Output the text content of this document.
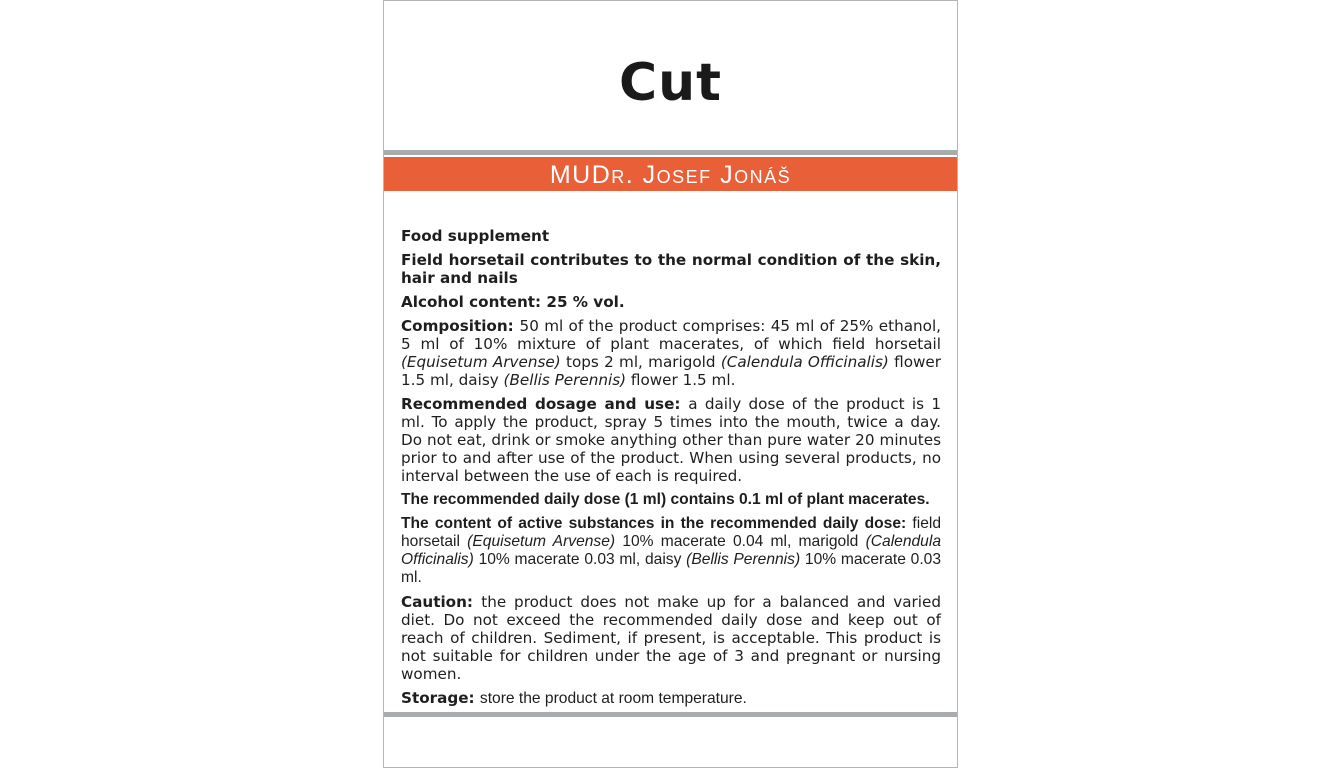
Cut
MUDr. Josef Jonáš

Food supplement

Field horsetail contributes to the normal condition of the skin, hair and nails

Alcohol content: 25 % vol.

Composition: 50 ml of the product comprises: 45 ml of 25% ethanol, 5 ml of 10% mixture of plant macerates, of which field horsetail (Equisetum Arvense) tops 2 ml, marigold (Calendula Officinalis) flower 1.5 ml, daisy (Bellis Perennis) flower 1.5 ml.

Recommended dosage and use: a daily dose of the product is 1 ml. To apply the product, spray 5 times into the mouth, twice a day. Do not eat, drink or smoke anything other than pure water 20 minutes prior to and after use of the product. When using several products, no interval between the use of each is required.

The recommended daily dose (1 ml) contains 0.1 ml of plant macerates.

The content of active substances in the recommended daily dose: field horsetail (Equisetum Arvense) 10% macerate 0.04 ml, marigold (Calendula Officinalis) 10% macerate 0.03 ml, daisy (Bellis Perennis) 10% macerate 0.03 ml.

Caution: the product does not make up for a balanced and varied diet. Do not exceed the recommended daily dose and keep out of reach of children. Sediment, if present, is acceptable. This product is not suitable for children under the age of 3 and pregnant or nursing women.

Storage: store the product at room temperature.
